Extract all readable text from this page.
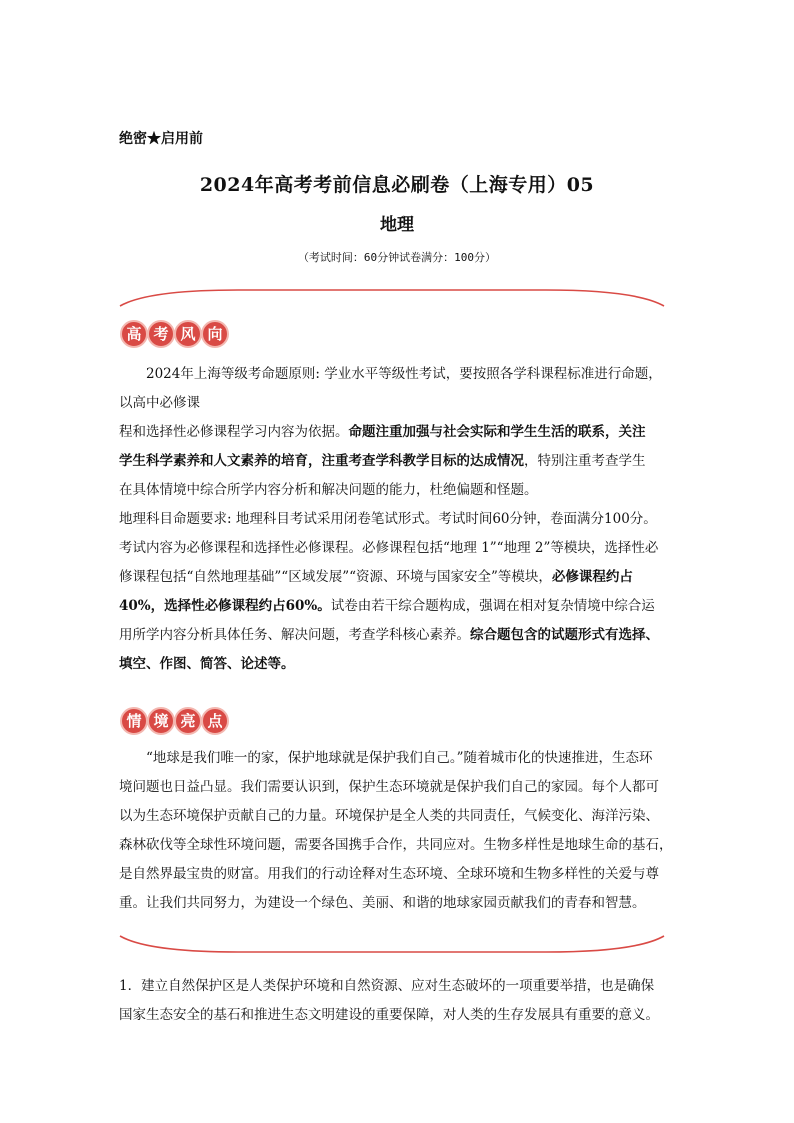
绝密★启用前
2024年高考考前信息必刷卷（上海专用）05
地理
（考试时间：60分钟试卷满分：100分）
高 考 风 向
2024年上海等级考命题原则: 学业水平等级性考试，要按照各学科课程标准进行命题，
以高中必修课
程和选择性必修课程学习内容为依据。命题注重加强与社会实际和学生生活的联系，关注
学生科学素养和人文素养的培育，注重考查学科教学目标的达成情况，特别注重考查学生
在具体情境中综合所学内容分析和解决问题的能力，杜绝偏题和怪题。
地理科目命题要求: 地理科目考试采用闭卷笔试形式。考试时间60分钟，卷面满分100分。
考试内容为必修课程和选择性必修课程。必修课程包括“地理 1”“地理 2”等模块，选择性必
修课程包括“自然地理基础”“区域发展”“资源、环境与国家安全”等模块，必修课程约占
40%，选择性必修课程约占60%。试卷由若干综合题构成，强调在相对复杂情境中综合运
用所学内容分析具体任务、解决问题，考查学科核心素养。综合题包含的试题形式有选择、
填空、作图、简答、论述等。
情 境 亮 点
“地球是我们唯一的家，保护地球就是保护我们自己。”随着城市化的快速推进，生态环
境问题也日益凸显。我们需要认识到，保护生态环境就是保护我们自己的家园。每个人都可
以为生态环境保护贡献自己的力量。环境保护是全人类的共同责任，气候变化、海洋污染、
森林砍伐等全球性环境问题，需要各国携手合作，共同应对。生物多样性是地球生命的基石，
是自然界最宝贵的财富。用我们的行动诠释对生态环境、全球环境和生物多样性的关爱与尊
重。让我们共同努力，为建设一个绿色、美丽、和谐的地球家园贡献我们的青春和智慧。
1．建立自然保护区是人类保护环境和自然资源、应对生态破坏的一项重要举措，也是确保
国家生态安全的基石和推进生态文明建设的重要保障，对人类的生存发展具有重要的意义。
